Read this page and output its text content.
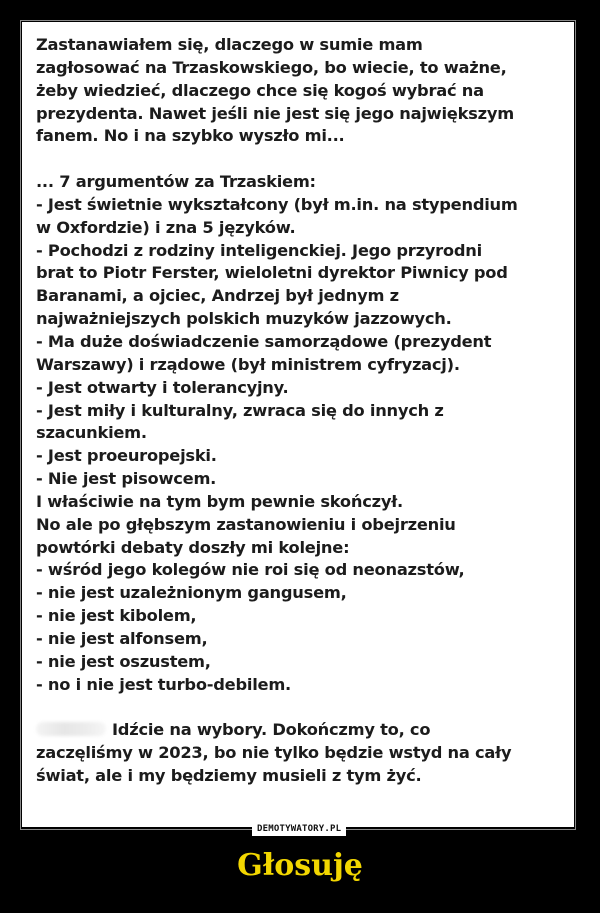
Zastanawiałem się, dlaczego w sumie mam
zagłosować na Trzaskowskiego, bo wiecie, to ważne,
żeby wiedzieć, dlaczego chce się kogoś wybrać na
prezydenta. Nawet jeśli nie jest się jego największym
fanem. No i na szybko wyszło mi...
... 7 argumentów za Trzaskiem:
- Jest świetnie wykształcony (był m.in. na stypendium
w Oxfordzie) i zna 5 języków.
- Pochodzi z rodziny inteligenckiej. Jego przyrodni
brat to Piotr Ferster, wieloletni dyrektor Piwnicy pod
Baranami, a ojciec, Andrzej był jednym z
najważniejszych polskich muzyków jazzowych.
- Ma duże doświadczenie samorządowe (prezydent
Warszawy) i rządowe (był ministrem cyfryzacj).
- Jest otwarty i tolerancyjny.
- Jest miły i kulturalny, zwraca się do innych z
szacunkiem.
- Jest proeuropejski.
- Nie jest pisowcem.
I właściwie na tym bym pewnie skończył.
No ale po głębszym zastanowieniu i obejrzeniu
powtórki debaty doszły mi kolejne:
- wśród jego kolegów nie roi się od neonazstów,
- nie jest uzależnionym gangusem,
- nie jest kibolem,
- nie jest alfonsem,
- nie jest oszustem,
- no i nie jest turbo-debilem.
Idźcie na wybory. Dokończmy to, co
zaczęliśmy w 2023, bo nie tylko będzie wstyd na cały
świat, ale i my będziemy musieli z tym żyć.
DEMOTYWATORY.PL
Głosuję
